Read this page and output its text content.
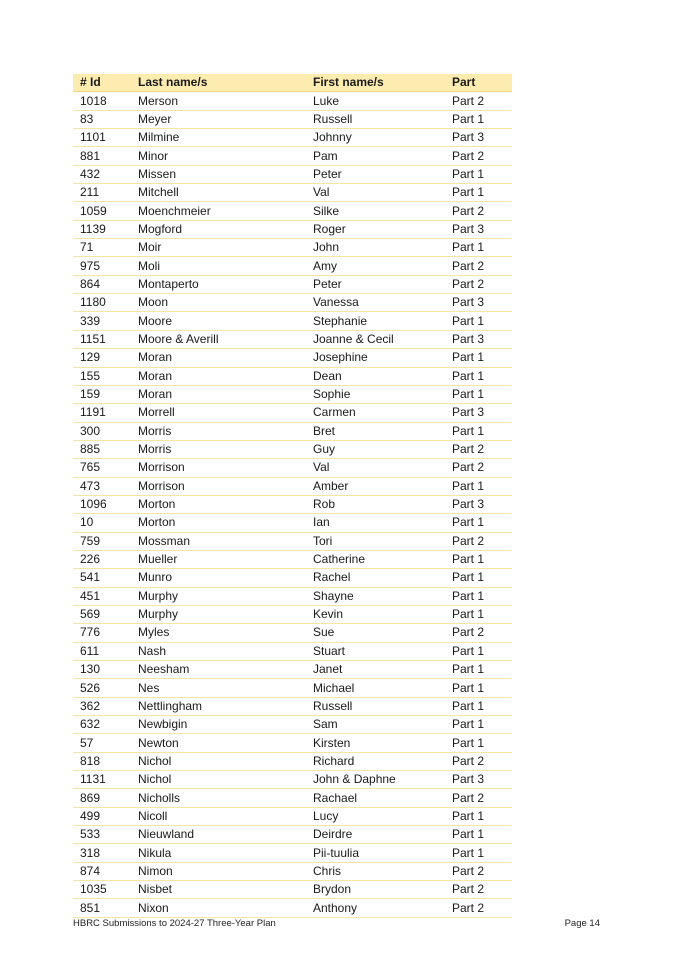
# Id	Last name/s	First name/s	Part
1018	Merson	Luke	Part 2
83	Meyer	Russell	Part 1
1101	Milmine	Johnny	Part 3
881	Minor	Pam	Part 2
432	Missen	Peter	Part 1
211	Mitchell	Val	Part 1
1059	Moenchmeier	Silke	Part 2
1139	Mogford	Roger	Part 3
71	Moir	John	Part 1
975	Moli	Amy	Part 2
864	Montaperto	Peter	Part 2
1180	Moon	Vanessa	Part 3
339	Moore	Stephanie	Part 1
1151	Moore & Averill	Joanne & Cecil	Part 3
129	Moran	Josephine	Part 1
155	Moran	Dean	Part 1
159	Moran	Sophie	Part 1
1191	Morrell	Carmen	Part 3
300	Morris	Bret	Part 1
885	Morris	Guy	Part 2
765	Morrison	Val	Part 2
473	Morrison	Amber	Part 1
1096	Morton	Rob	Part 3
10	Morton	Ian	Part 1
759	Mossman	Tori	Part 2
226	Mueller	Catherine	Part 1
541	Munro	Rachel	Part 1
451	Murphy	Shayne	Part 1
569	Murphy	Kevin	Part 1
776	Myles	Sue	Part 2
611	Nash	Stuart	Part 1
130	Neesham	Janet	Part 1
526	Nes	Michael	Part 1
362	Nettlingham	Russell	Part 1
632	Newbigin	Sam	Part 1
57	Newton	Kirsten	Part 1
818	Nichol	Richard	Part 2
1131	Nichol	John & Daphne	Part 3
869	Nicholls	Rachael	Part 2
499	Nicoll	Lucy	Part 1
533	Nieuwland	Deirdre	Part 1
318	Nikula	Pii-tuulia	Part 1
874	Nimon	Chris	Part 2
1035	Nisbet	Brydon	Part 2
851	Nixon	Anthony	Part 2
HBRC Submissions to 2024-27 Three-Year Plan	Page 14
